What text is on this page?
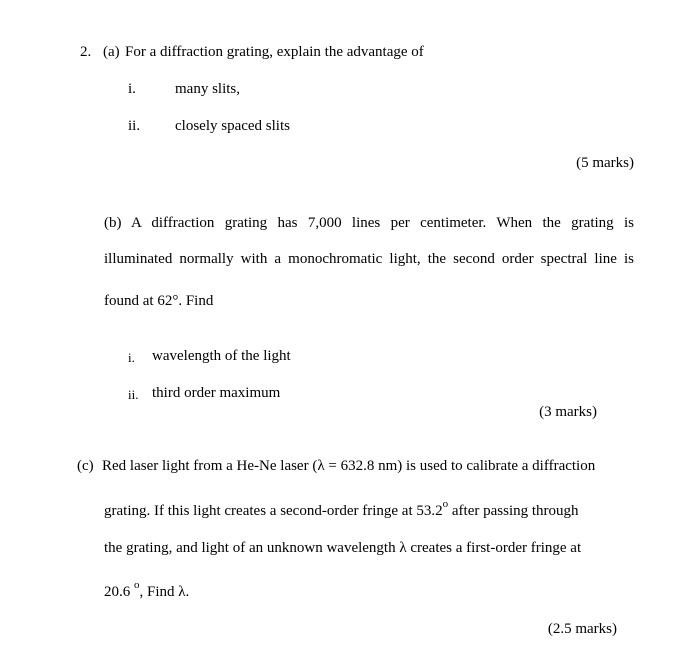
2. (a) For a diffraction grating, explain the advantage of
i.	many slits,
ii. closely spaced slits
(5 marks)
(b) A diffraction grating has 7,000 lines per centimeter. When the grating is
illuminated normally with a monochromatic light, the second order spectral line is
found at 62°. Find
i. wavelength of the light
ii. third order maximum
(3 marks)
(c) Red laser light from a He-Ne laser (λ = 632.8 nm) is used to calibrate a diffraction
grating. If this light creates a second-order fringe at 53.2$^o$ after passing through
the grating, and light of an unknown wavelength λ creates a first-order fringe at
20.6 $^o$, Find λ.
(2.5 marks)
